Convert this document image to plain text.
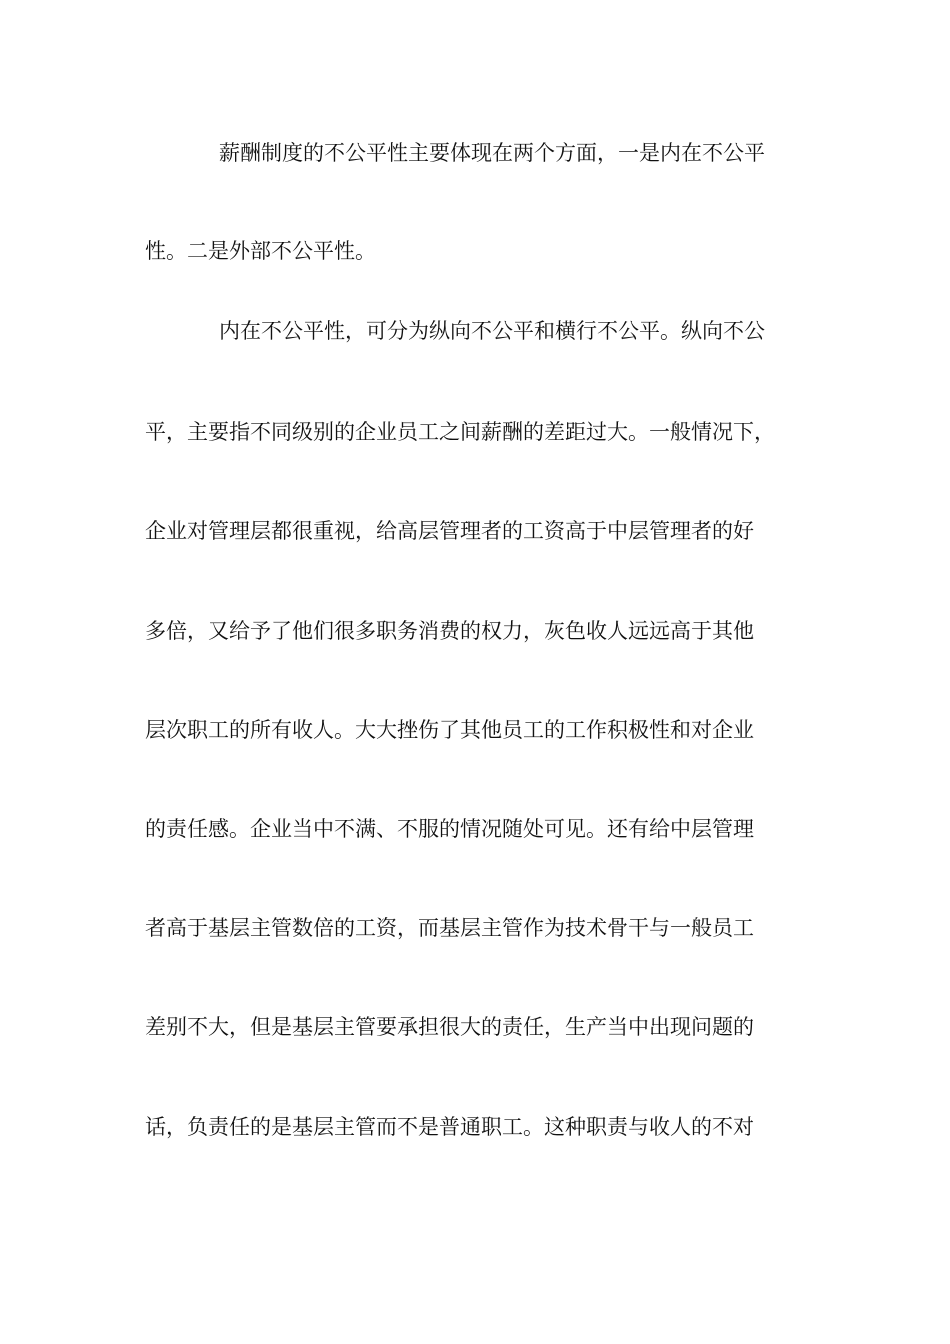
薪酬制度的不公平性主要体现在两个方面，一是内在不公平
性。二是外部不公平性。
内在不公平性，可分为纵向不公平和横行不公平。纵向不公
平，主要指不同级别的企业员工之间薪酬的差距过大。一般情况下，
企业对管理层都很重视，给高层管理者的工资高于中层管理者的好
多倍，又给予了他们很多职务消费的权力，灰色收人远远高于其他
层次职工的所有收人。大大挫伤了其他员工的工作积极性和对企业
的责任感。企业当中不满、不服的情况随处可见。还有给中层管理
者高于基层主管数倍的工资，而基层主管作为技术骨干与一般员工
差别不大，但是基层主管要承担很大的责任，生产当中出现问题的
话，负责任的是基层主管而不是普通职工。这种职责与收人的不对
